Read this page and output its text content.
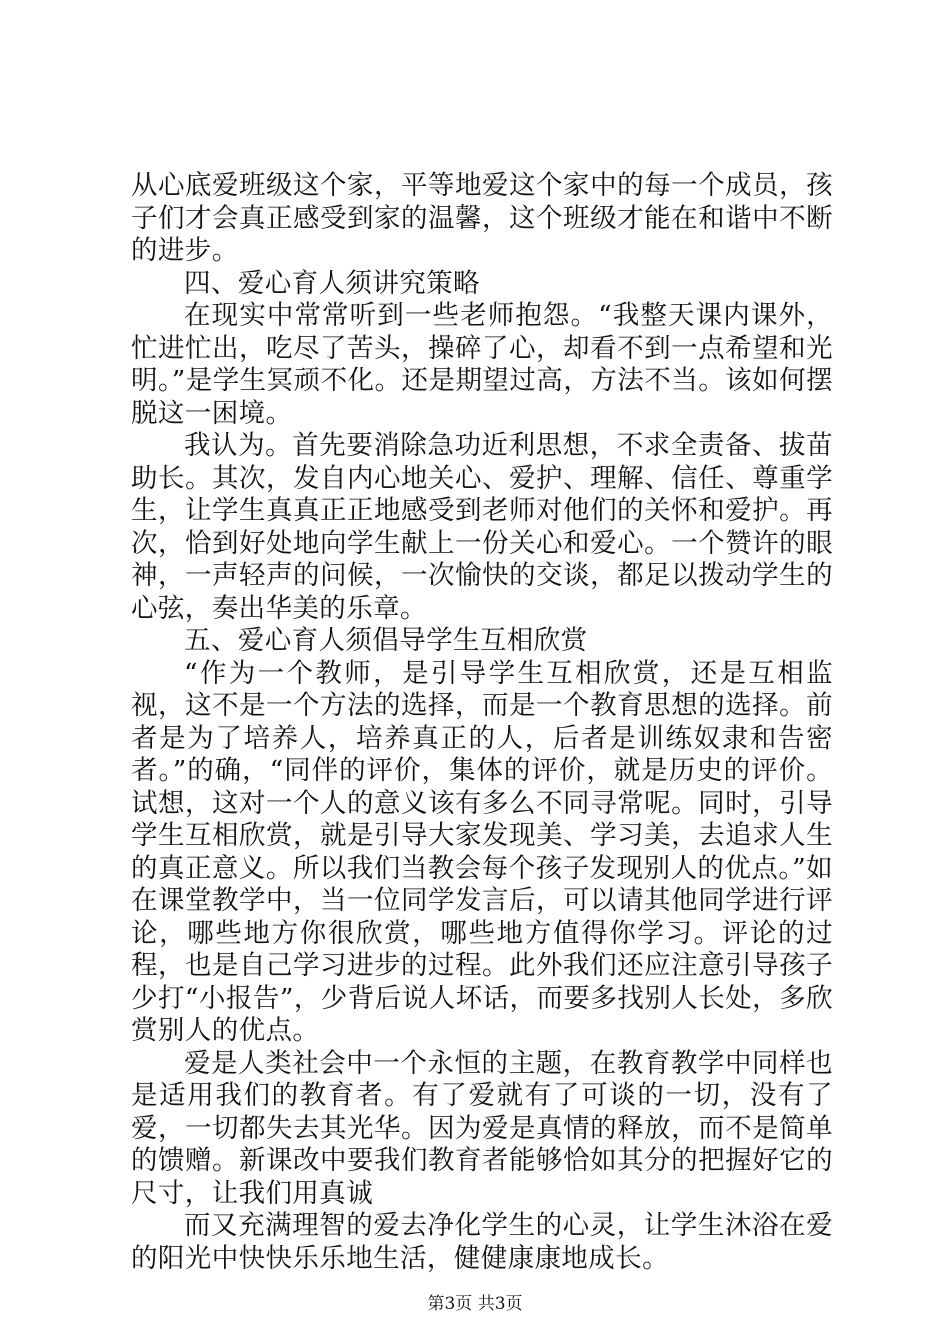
从心底爱班级这个家，平等地爱这个家中的每一个成员，孩子们才会真正感受到家的温馨，这个班级才能在和谐中不断的进步。

四、爱心育人须讲究策略

在现实中常常听到一些老师抱怨。“我整天课内课外，忙进忙出，吃尽了苦头，操碎了心，却看不到一点希望和光明。”是学生冥顽不化。还是期望过高，方法不当。该如何摆脱这一困境。

我认为。首先要消除急功近利思想，不求全责备、拔苗助长。其次，发自内心地关心、爱护、理解、信任、尊重学生，让学生真真正正地感受到老师对他们的关怀和爱护。再次，恰到好处地向学生献上一份关心和爱心。一个赞许的眼神，一声轻声的问候，一次愉快的交谈，都足以拨动学生的心弦，奏出华美的乐章。

五、爱心育人须倡导学生互相欣赏

“作为一个教师，是引导学生互相欣赏，还是互相监视，这不是一个方法的选择，而是一个教育思想的选择。前者是为了培养人，培养真正的人，后者是训练奴隶和告密者。”的确，“同伴的评价，集体的评价，就是历史的评价。试想，这对一个人的意义该有多么不同寻常呢。同时，引导学生互相欣赏，就是引导大家发现美、学习美，去追求人生的真正意义。所以我们当教会每个孩子发现别人的优点。”如在课堂教学中，当一位同学发言后，可以请其他同学进行评论，哪些地方你很欣赏，哪些地方值得你学习。评论的过程，也是自己学习进步的过程。此外我们还应注意引导孩子少打“小报告”，少背后说人坏话，而要多找别人长处，多欣赏别人的优点。

爱是人类社会中一个永恒的主题，在教育教学中同样也是适用我们的教育者。有了爱就有了可谈的一切，没有了爱，一切都失去其光华。因为爱是真情的释放，而不是简单的馈赠。新课改中要我们教育者能够恰如其分的把握好它的尺寸，让我们用真诚

而又充满理智的爱去净化学生的心灵，让学生沐浴在爱的阳光中快快乐乐地生活，健健康康地成长。

第3页 共3页
